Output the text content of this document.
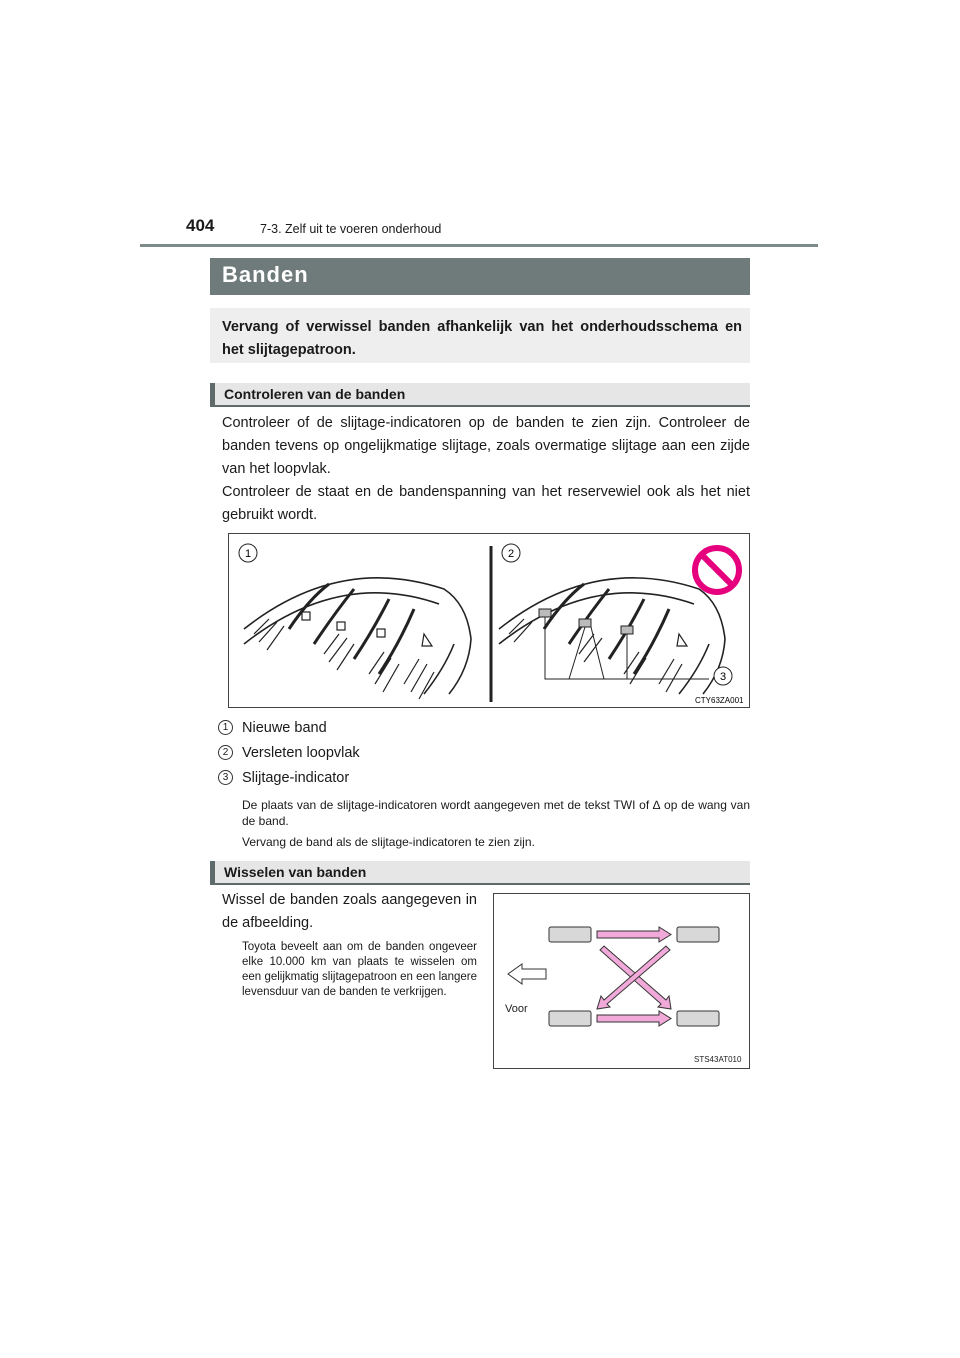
404	7-3. Zelf uit te voeren onderhoud
Banden
Vervang of verwissel banden afhankelijk van het onderhoudsschema en het slijtagepatroon.
Controleren van de banden
Controleer of de slijtage-indicatoren op de banden te zien zijn. Controleer de banden tevens op ongelijkmatige slijtage, zoals overmatige slijtage aan een zijde van het loopvlak.
Controleer de staat en de bandenspanning van het reservewiel ook als het niet gebruikt wordt.
1	2
3
CTY63ZA001
1 Nieuwe band
2 Versleten loopvlak
3 Slijtage-indicator
De plaats van de slijtage-indicatoren wordt aangegeven met de tekst TWI of ∆ op de wang van de band.
Vervang de band als de slijtage-indicatoren te zien zijn.
Wisselen van banden
Wissel de banden zoals aangegeven in de afbeelding.
Toyota beveelt aan om de banden ongeveer elke 10.000 km van plaats te wisselen om een gelijkmatig slijtagepatroon en een langere levensduur van de banden te verkrijgen.
Voor
STS43AT010
